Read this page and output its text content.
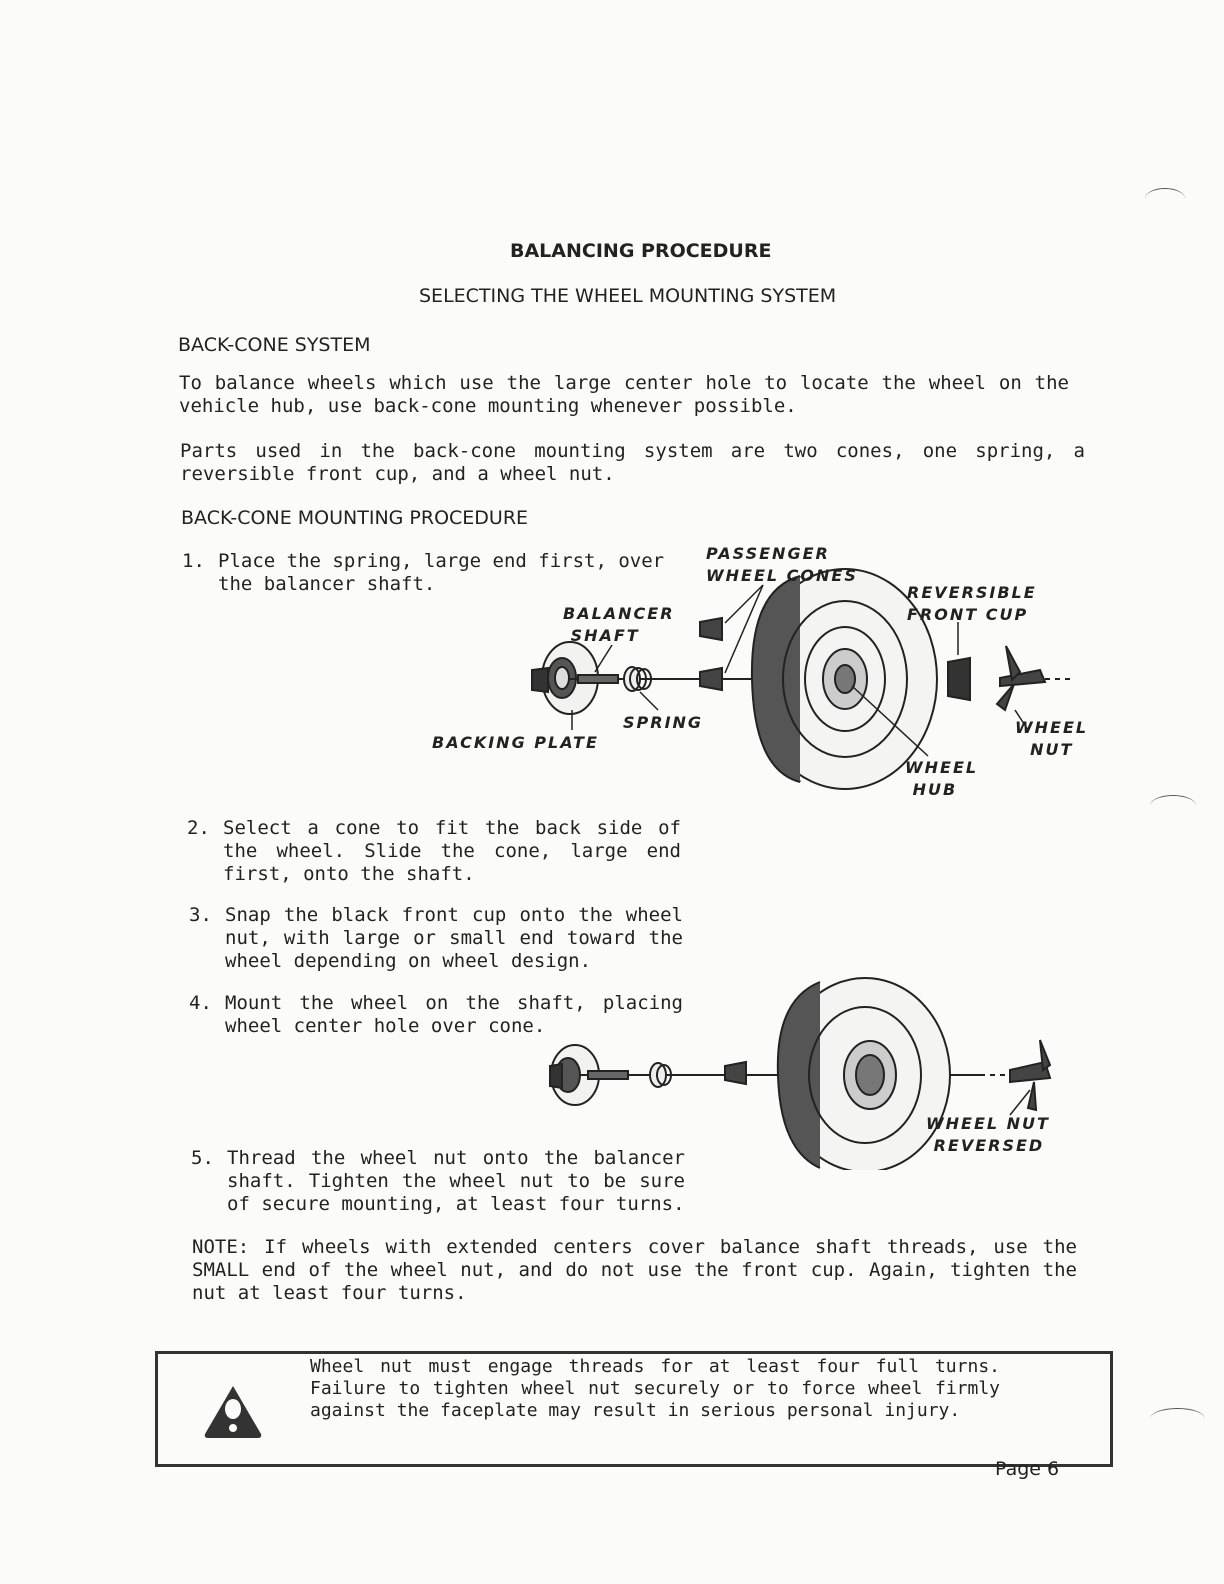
BALANCING PROCEDURE
SELECTING THE WHEEL MOUNTING SYSTEM
BACK-CONE SYSTEM
To balance wheels which use the large center hole to locate the wheel on the vehicle hub, use back-cone mounting whenever possible.
Parts used in the back-cone mounting system are two cones, one spring, a reversible front cup, and a wheel nut.
BACK-CONE MOUNTING PROCEDURE
1. Place the spring, large end first, over the balancer shaft.
2. Select a cone to fit the back side of the wheel. Slide the cone, large end first, onto the shaft.
3. Snap the black front cup onto the wheel nut, with large or small end toward the wheel depending on wheel design.
4. Mount the wheel on the shaft, placing wheel center hole over cone.
5. Thread the wheel nut onto the balancer shaft. Tighten the wheel nut to be sure of secure mounting, at least four turns.
PASSENGER
WHEEL CONES
REVERSIBLE
FRONT CUP
BALANCER
SHAFT
SPRING
BACKING PLATE
WHEEL
NUT
WHEEL
HUB
WHEEL NUT
REVERSED
NOTE: If wheels with extended centers cover balance shaft threads, use the SMALL end of the wheel nut, and do not use the front cup. Again, tighten the nut at least four turns.
Wheel nut must engage threads for at least four full turns. Failure to tighten wheel nut securely or to force wheel firmly against the faceplate may result in serious personal injury.
Page 6
